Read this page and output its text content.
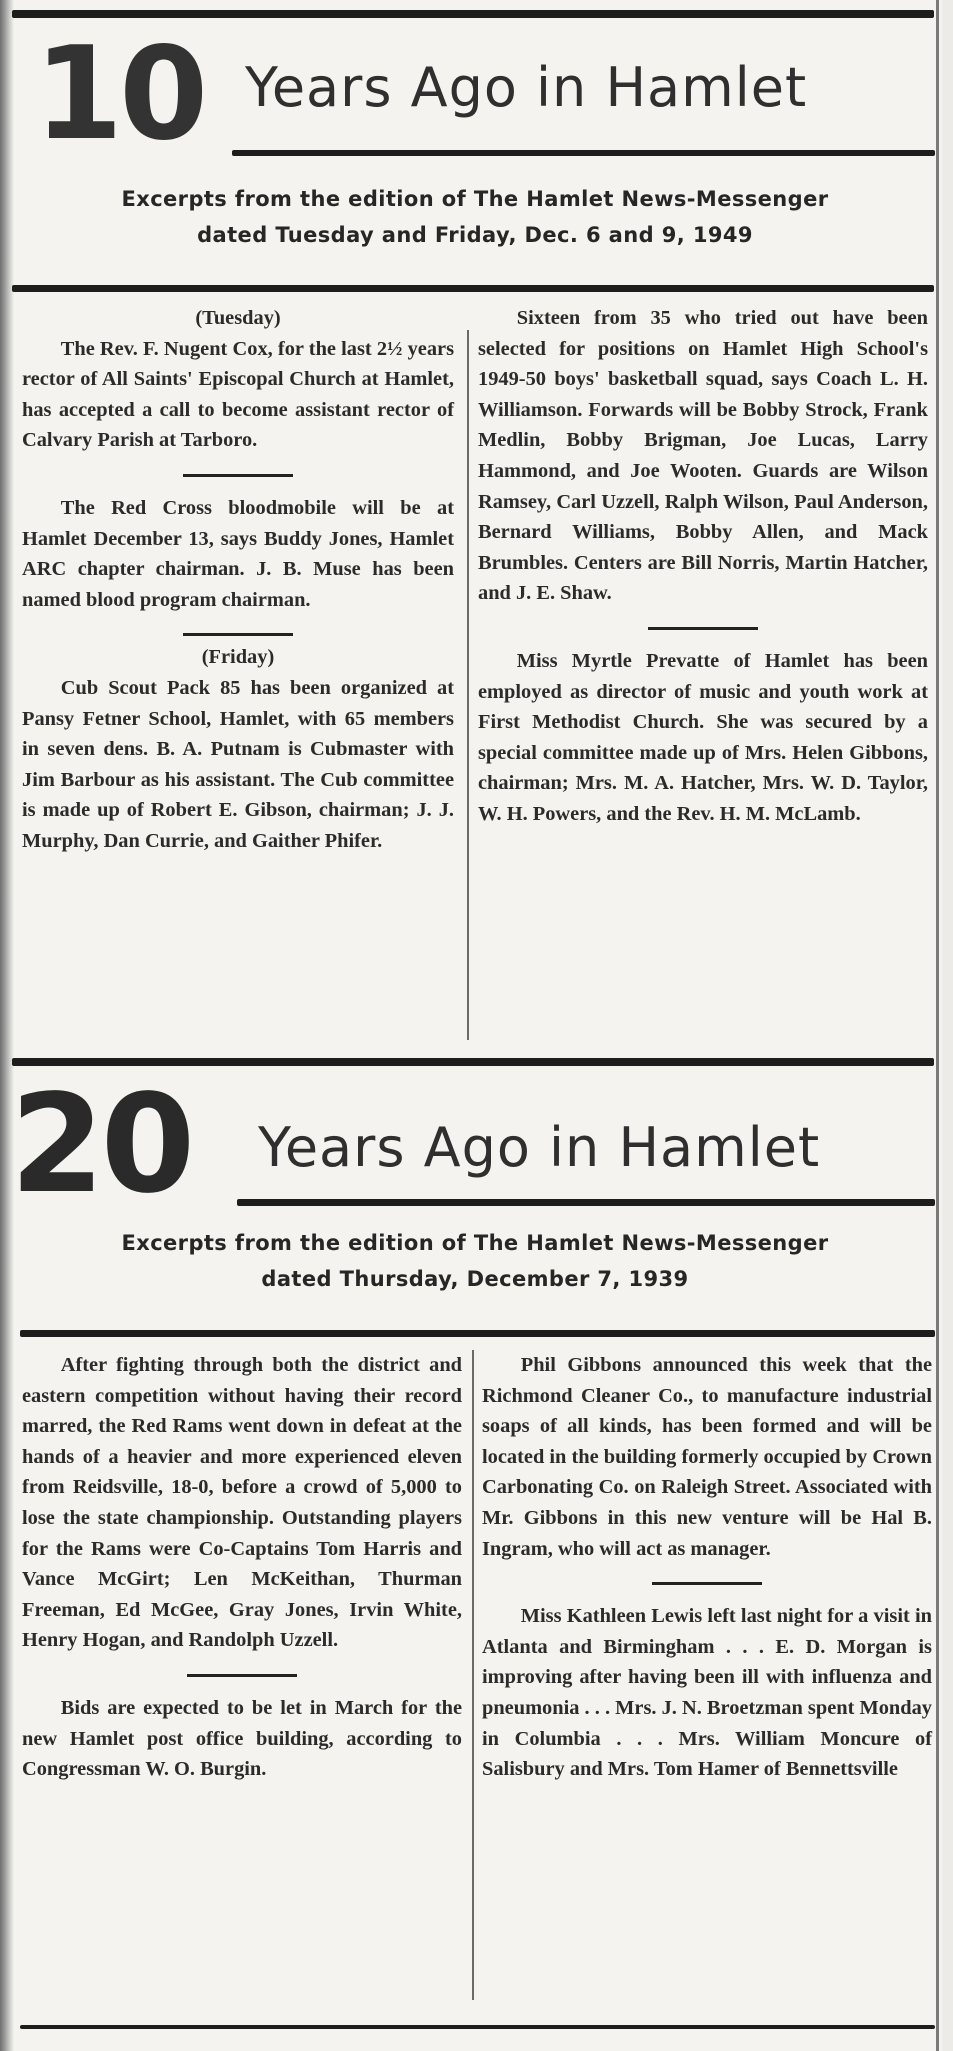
10 Years Ago in Hamlet
Excerpts from the edition of The Hamlet News-Messenger
dated Tuesday and Friday, Dec. 6 and 9, 1949

(Tuesday)

The Rev. F. Nugent Cox, for the last 2½ years rector of All Saints' Episcopal Church at Hamlet, has accepted a call to become assistant rector of Calvary Parish at Tarboro.

The Red Cross bloodmobile will be at Hamlet December 13, says Buddy Jones, Hamlet ARC chapter chairman. J. B. Muse has been named blood program chairman.

(Friday)

Cub Scout Pack 85 has been organized at Pansy Fetner School, Hamlet, with 65 members in seven dens. B. A. Putnam is Cubmaster with Jim Barbour as his assistant. The Cub committee is made up of Robert E. Gibson, chairman; J. J. Murphy, Dan Currie, and Gaither Phifer.

Sixteen from 35 who tried out have been selected for positions on Hamlet High School's 1949-50 boys' basketball squad, says Coach L. H. Williamson. Forwards will be Bobby Strock, Frank Medlin, Bobby Brigman, Joe Lucas, Larry Hammond, and Joe Wooten. Guards are Wilson Ramsey, Carl Uzzell, Ralph Wilson, Paul Anderson, Bernard Williams, Bobby Allen, and Mack Brumbles. Centers are Bill Norris, Martin Hatcher, and J. E. Shaw.

Miss Myrtle Prevatte of Hamlet has been employed as director of music and youth work at First Methodist Church. She was secured by a special committee made up of Mrs. Helen Gibbons, chairman; Mrs. M. A. Hatcher, Mrs. W. D. Taylor, W. H. Powers, and the Rev. H. M. McLamb.

20 Years Ago in Hamlet
Excerpts from the edition of The Hamlet News-Messenger
dated Thursday, December 7, 1939

After fighting through both the district and eastern competition without having their record marred, the Red Rams went down in defeat at the hands of a heavier and more experienced eleven from Reidsville, 18-0, before a crowd of 5,000 to lose the state championship. Outstanding players for the Rams were Co-Captains Tom Harris and Vance McGirt; Len McKeithan, Thurman Freeman, Ed McGee, Gray Jones, Irvin White, Henry Hogan, and Randolph Uzzell.

Bids are expected to be let in March for the new Hamlet post office building, according to Congressman W. O. Burgin.

Phil Gibbons announced this week that the Richmond Cleaner Co., to manufacture industrial soaps of all kinds, has been formed and will be located in the building formerly occupied by Crown Carbonating Co. on Raleigh Street. Associated with Mr. Gibbons in this new venture will be Hal B. Ingram, who will act as manager.

Miss Kathleen Lewis left last night for a visit in Atlanta and Birmingham . . . E. D. Morgan is improving after having been ill with influenza and pneumonia . . . Mrs. J. N. Broetzman spent Monday in Columbia . . . Mrs. William Moncure of Salisbury and Mrs. Tom Hamer of Bennettsville
